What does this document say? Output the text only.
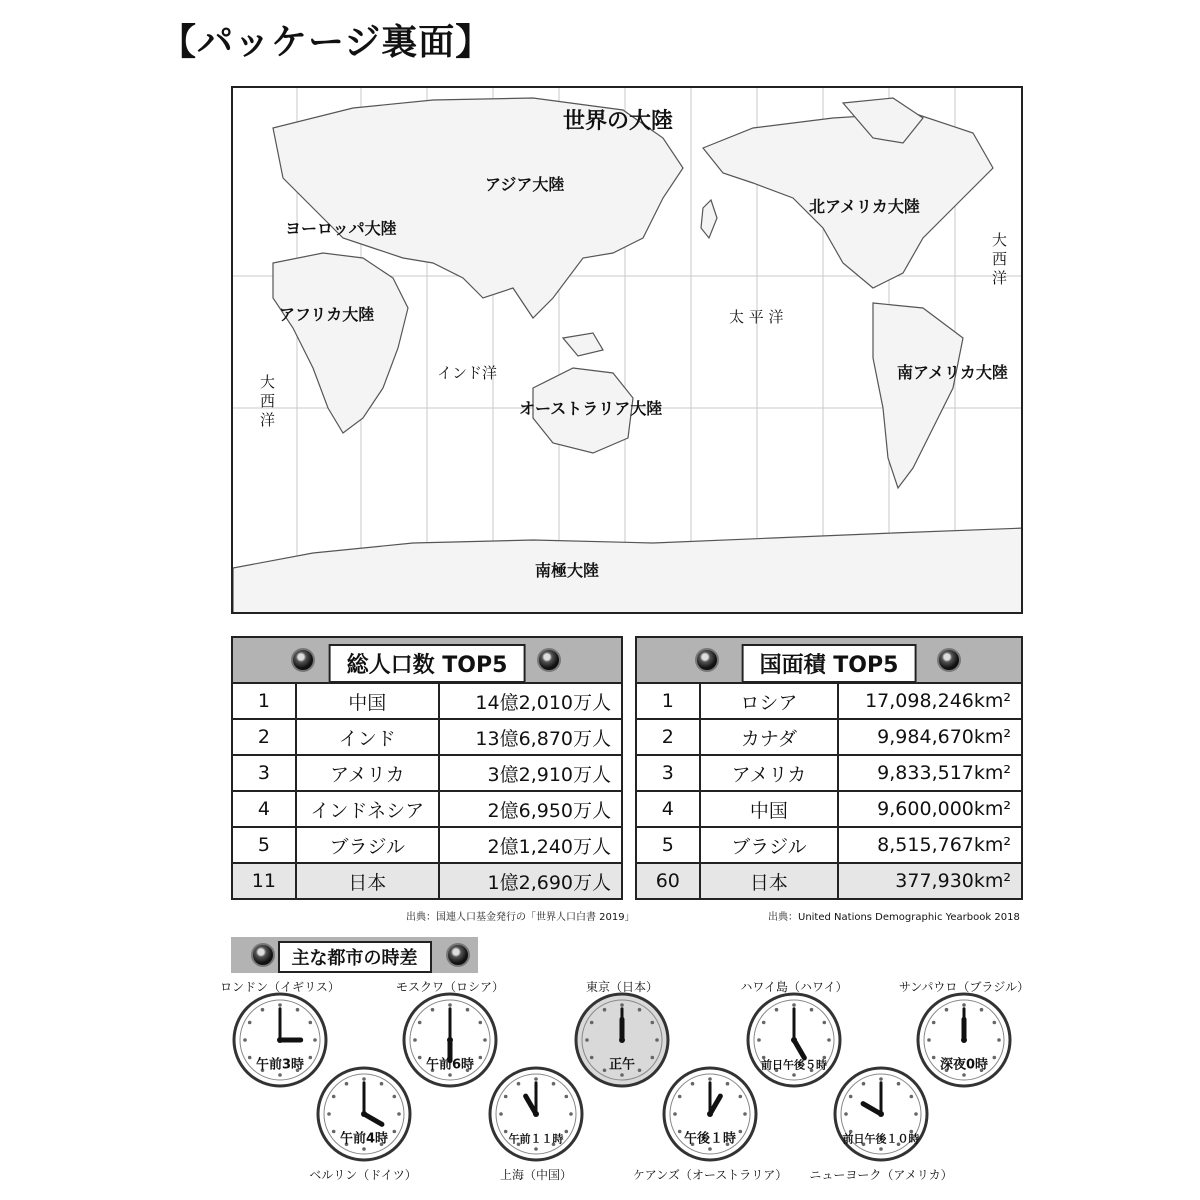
【パッケージ裏面】
世界の大陸
アジア大陸
ヨーロッパ大陸
アフリカ大陸
北アメリカ大陸
南アメリカ大陸
オーストラリア大陸
南極大陸
太 平 洋
インド洋
大西洋
大西洋
総人口数 TOP5
1	中国	14億2,010万人
2	インド	13億6,870万人
3	アメリカ	3億2,910万人
4	インドネシア	2億6,950万人
5	ブラジル	2億1,240万人
11	日本	1億2,690万人
出典：国連人口基金発行の「世界人口白書 2019」
国面積 TOP5
1	ロシア	17,098,246km²
2	カナダ	9,984,670km²
3	アメリカ	9,833,517km²
4	中国	9,600,000km²
5	ブラジル	8,515,767km²
60	日本	377,930km²
出典：United Nations Demographic Yearbook 2018
主な都市の時差
ロンドン（イギリス）
ベルリン（ドイツ）
モスクワ（ロシア）
上海（中国）
東京（日本）
ケアンズ（オーストラリア）
ハワイ島（ハワイ）
ニューヨーク（アメリカ）
サンパウロ（ブラジル）
午前3時
午前4時
午前6時
午前１１時
正午
午後１時
前日午後５時
前日午後１０時
深夜0時
